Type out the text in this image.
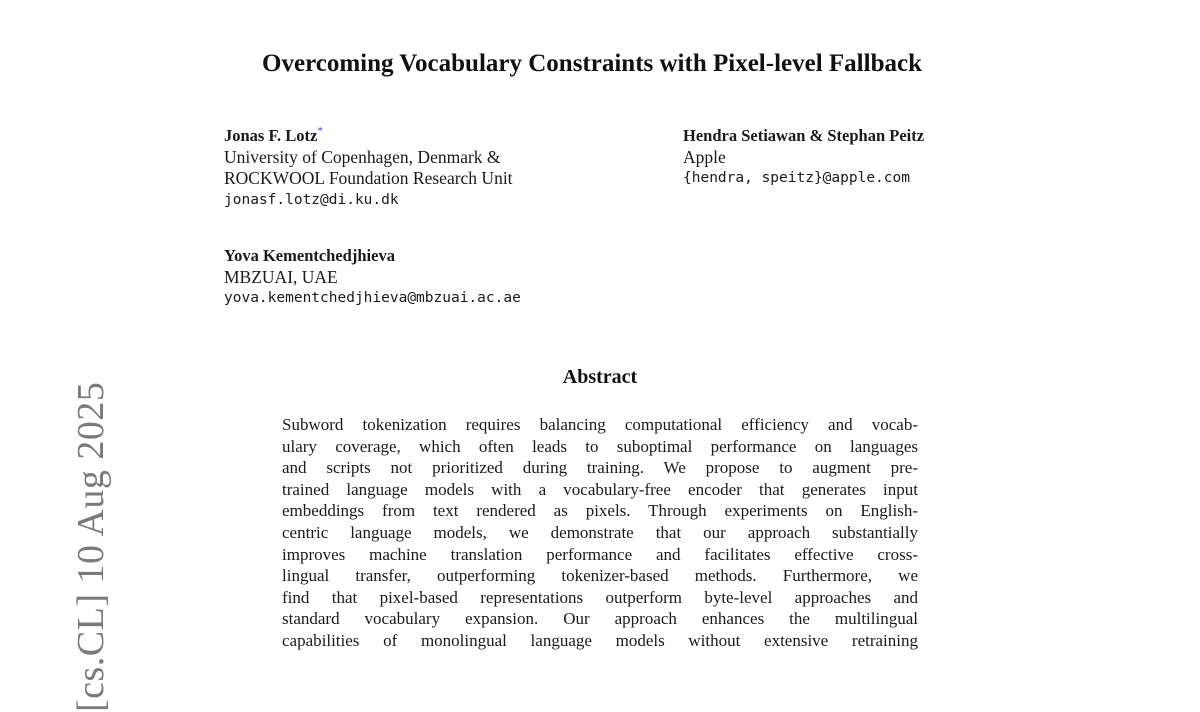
[cs.CL] 10 Aug 2025
Overcoming Vocabulary Constraints with Pixel-level Fallback
Jonas F. Lotz*
University of Copenhagen, Denmark &
ROCKWOOL Foundation Research Unit
jonasf.lotz@di.ku.dk
Hendra Setiawan & Stephan Peitz
Apple
{hendra, speitz}@apple.com
Yova Kementchedjhieva
MBZUAI, UAE
yova.kementchedjhieva@mbzuai.ac.ae
Abstract
Subword tokenization requires balancing computational efficiency and vocab-
ulary coverage, which often leads to suboptimal performance on languages
and scripts not prioritized during training. We propose to augment pre-
trained language models with a vocabulary-free encoder that generates input
embeddings from text rendered as pixels. Through experiments on English-
centric language models, we demonstrate that our approach substantially
improves machine translation performance and facilitates effective cross-
lingual transfer, outperforming tokenizer-based methods. Furthermore, we
find that pixel-based representations outperform byte-level approaches and
standard vocabulary expansion. Our approach enhances the multilingual
capabilities of monolingual language models without extensive retraining
